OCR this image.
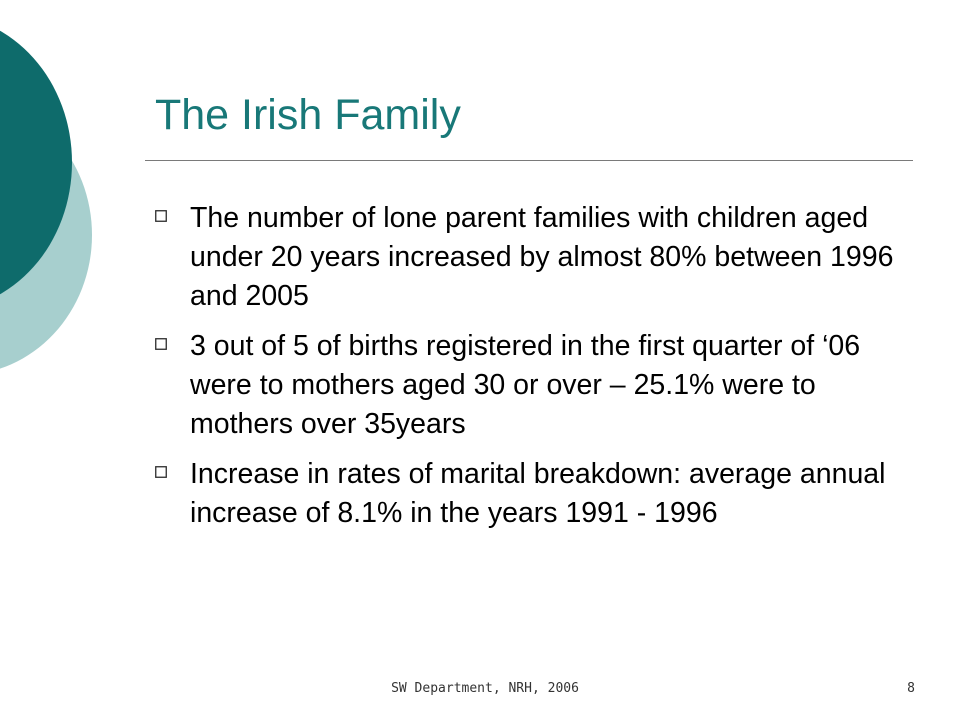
The Irish Family
The number of lone parent families with children aged under 20 years increased by almost 80% between 1996 and 2005
3 out of 5 of births registered in the first quarter of ‘06 were to mothers aged 30 or over – 25.1% were to mothers over 35years
Increase in rates of marital breakdown: average annual increase of 8.1% in the years 1991 - 1996
SW Department, NRH, 2006	8
